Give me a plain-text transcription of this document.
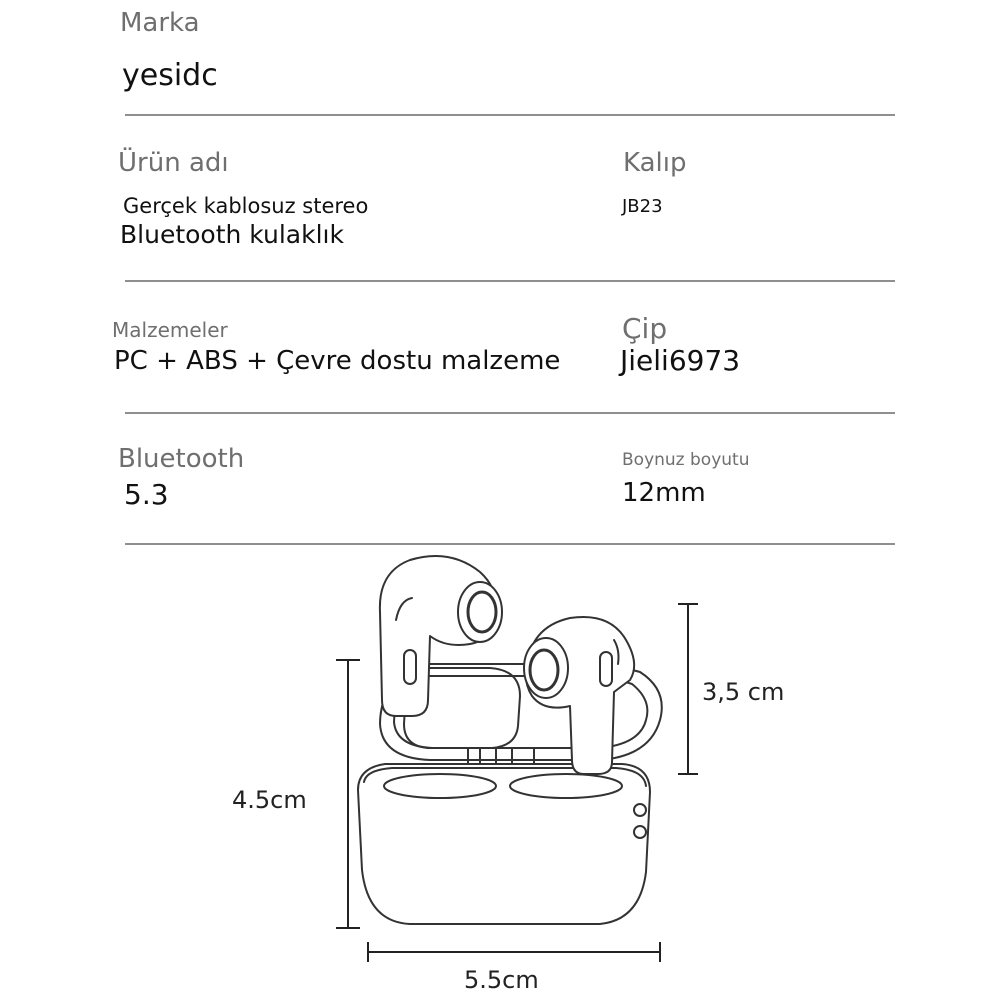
Marka
yesidc
Ürün adı
Gerçek kablosuz stereo
Bluetooth kulaklık
Kalıp
JB23
Malzemeler
PC + ABS + Çevre dostu malzeme
Çip
Jieli6973
Bluetooth
5.3
Boynuz boyutu
12mm
4.5cm
3,5 cm
5.5cm
